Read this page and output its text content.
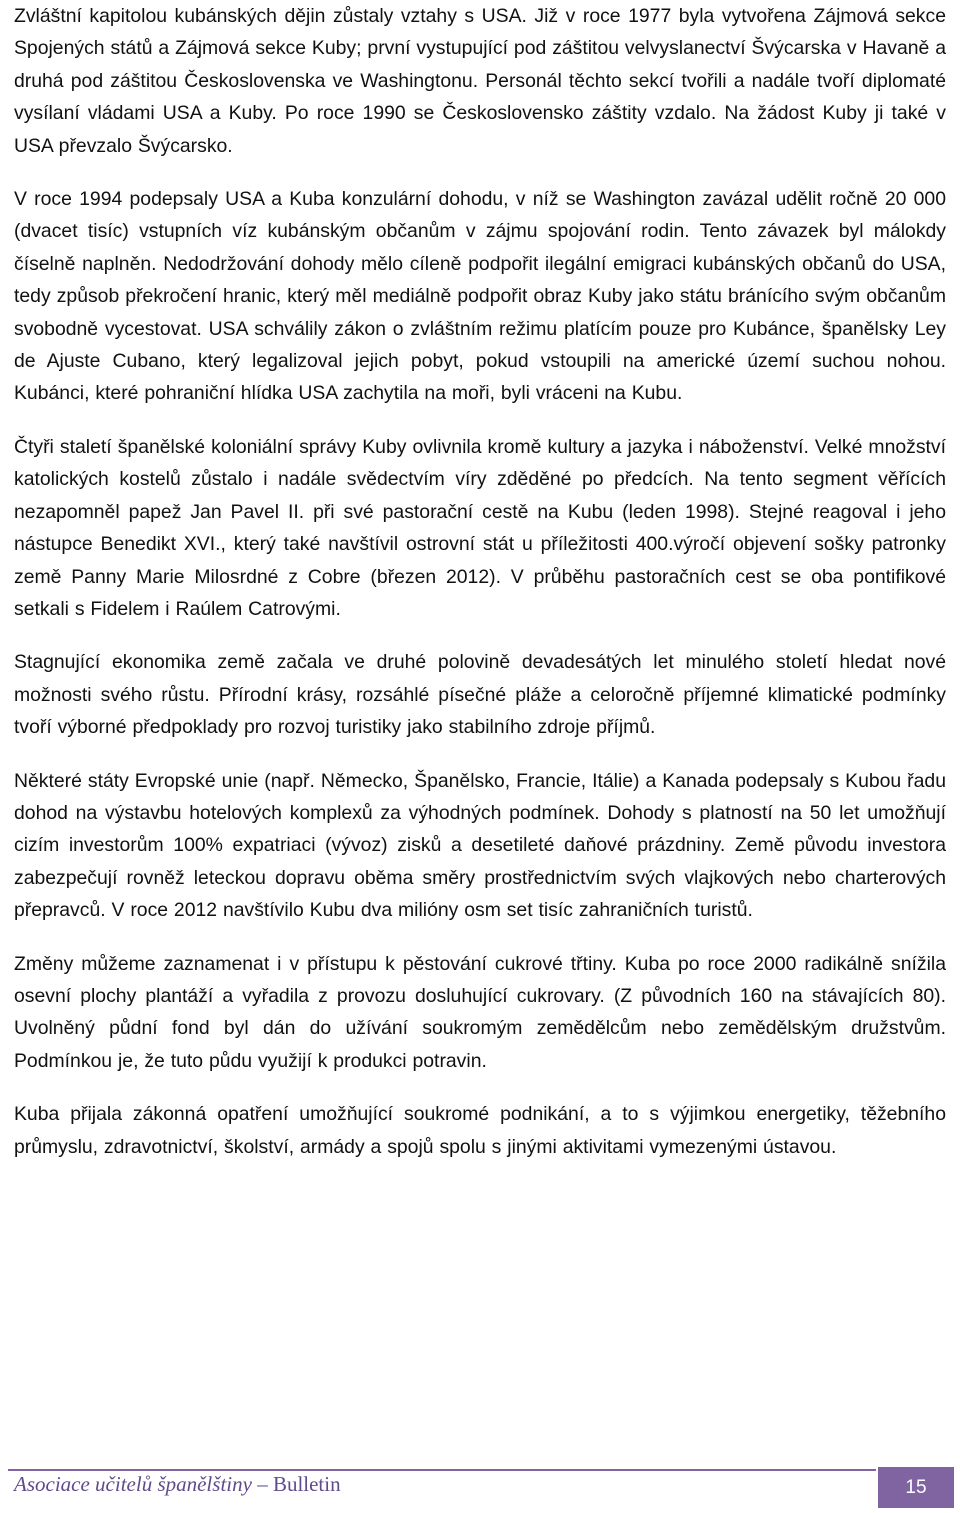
Zvláštní kapitolou kubánských dějin zůstaly vztahy s USA. Již v roce 1977 byla vytvořena Zájmová sekce Spojených států a Zájmová sekce Kuby; první vystupující pod záštitou velvyslanectví Švýcarska v Havaně a druhá pod záštitou Československa ve Washingtonu. Personál těchto sekcí tvořili a nadále tvoří diplomaté vysílaní vládami USA a Kuby. Po roce 1990 se Československo záštity vzdalo. Na žádost Kuby ji také v USA převzalo Švýcarsko.

V roce 1994 podepsaly USA a Kuba konzulární dohodu, v níž se Washington zavázal udělit ročně 20 000 (dvacet tisíc) vstupních víz kubánským občanům v zájmu spojování rodin. Tento závazek byl málokdy číselně naplněn. Nedodržování dohody mělo cíleně podpořit ilegální emigraci kubánských občanů do USA, tedy způsob překročení hranic, který měl mediálně podpořit obraz Kuby jako státu bránícího svým občanům svobodně vycestovat. USA schválily zákon o zvláštním režimu platícím pouze pro Kubánce, španělsky Ley de Ajuste Cubano, který legalizoval jejich pobyt, pokud vstoupili na americké území suchou nohou. Kubánci, které pohraniční hlídka USA zachytila na moři, byli vráceni na Kubu.

Čtyři staletí španělské koloniální správy Kuby ovlivnila kromě kultury a jazyka i náboženství. Velké množství katolických kostelů zůstalo i nadále svědectvím víry zděděné po předcích. Na tento segment věřících nezapomněl papež Jan Pavel II. při své pastorační cestě na Kubu (leden 1998). Stejné reagoval i jeho nástupce Benedikt XVI., který také navštívil ostrovní stát u příležitosti 400.výročí objevení sošky patronky země Panny Marie Milosrdné z Cobre (březen 2012). V průběhu pastoračních cest se oba pontifikové setkali s Fidelem i Raúlem Catrovými.

Stagnující ekonomika země začala ve druhé polovině devadesátých let minulého století hledat nové možnosti svého růstu. Přírodní krásy, rozsáhlé písečné pláže a celoročně příjemné klimatické podmínky tvoří výborné předpoklady pro rozvoj turistiky jako stabilního zdroje příjmů.

Některé státy Evropské unie (např. Německo, Španělsko, Francie, Itálie) a Kanada podepsaly s Kubou řadu dohod na výstavbu hotelových komplexů za výhodných podmínek. Dohody s platností na 50 let umožňují cizím investorům 100% expatriaci (vývoz) zisků a desetileté daňové prázdniny. Země původu investora zabezpečují rovněž leteckou dopravu oběma směry prostřednictvím svých vlajkových nebo charterových přepravců. V roce 2012 navštívilo Kubu dva milióny osm set tisíc zahraničních turistů.

Změny můžeme zaznamenat i v přístupu k pěstování cukrové třtiny. Kuba po roce 2000 radikálně snížila osevní plochy plantáží a vyřadila z provozu dosluhující cukrovary. (Z původních 160 na stávajících 80). Uvolněný půdní fond byl dán do užívání soukromým zemědělcům nebo zemědělským družstvům. Podmínkou je, že tuto půdu využijí k produkci potravin.

Kuba přijala zákonná opatření umožňující soukromé podnikání, a to s výjimkou energetiky, těžebního průmyslu, zdravotnictví, školství, armády a spojů spolu s jinými aktivitami vymezenými ústavou.

Asociace učitelů španělštiny – Bulletin	15
